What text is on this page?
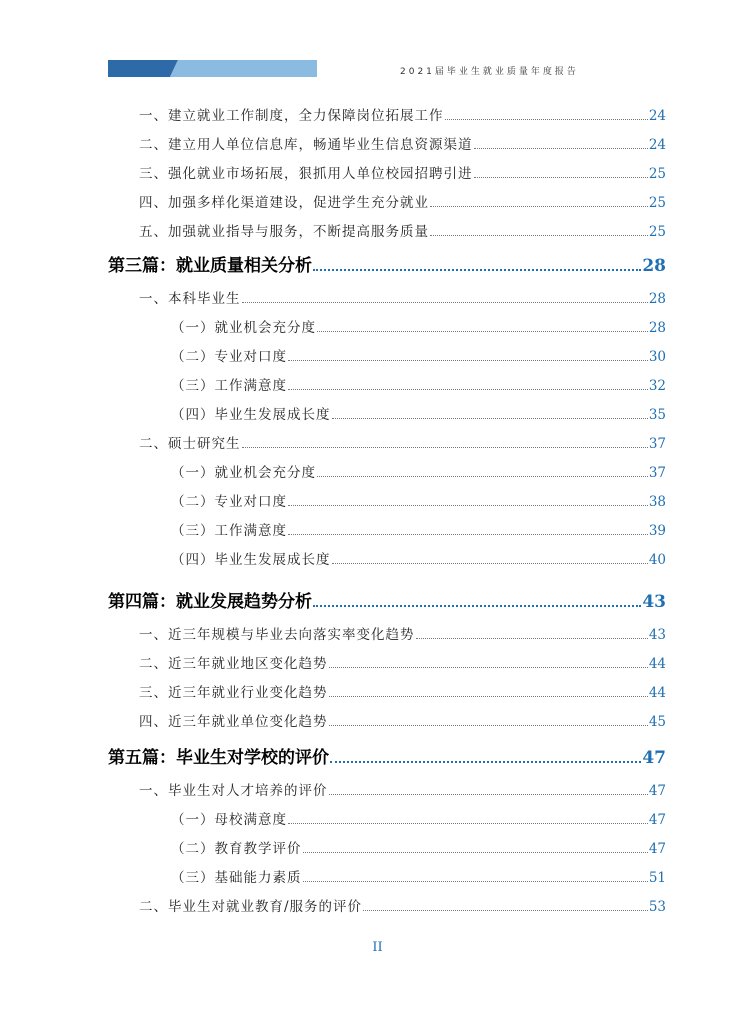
2021届毕业生就业质量年度报告
一、建立就业工作制度，全力保障岗位拓展工作	24
二、建立用人单位信息库，畅通毕业生信息资源渠道	24
三、强化就业市场拓展，狠抓用人单位校园招聘引进	25
四、加强多样化渠道建设，促进学生充分就业	25
五、加强就业指导与服务，不断提高服务质量	25
第三篇：就业质量相关分析	28
一、本科毕业生	28
（一）就业机会充分度	28
（二）专业对口度	30
（三）工作满意度	32
（四）毕业生发展成长度	35
二、硕士研究生	37
（一）就业机会充分度	37
（二）专业对口度	38
（三）工作满意度	39
（四）毕业生发展成长度	40
第四篇：就业发展趋势分析	43
一、近三年规模与毕业去向落实率变化趋势	43
二、近三年就业地区变化趋势	44
三、近三年就业行业变化趋势	44
四、近三年就业单位变化趋势	45
第五篇：毕业生对学校的评价	47
一、毕业生对人才培养的评价	47
（一）母校满意度	47
（二）教育教学评价	47
（三）基础能力素质	51
二、毕业生对就业教育/服务的评价	53
II
